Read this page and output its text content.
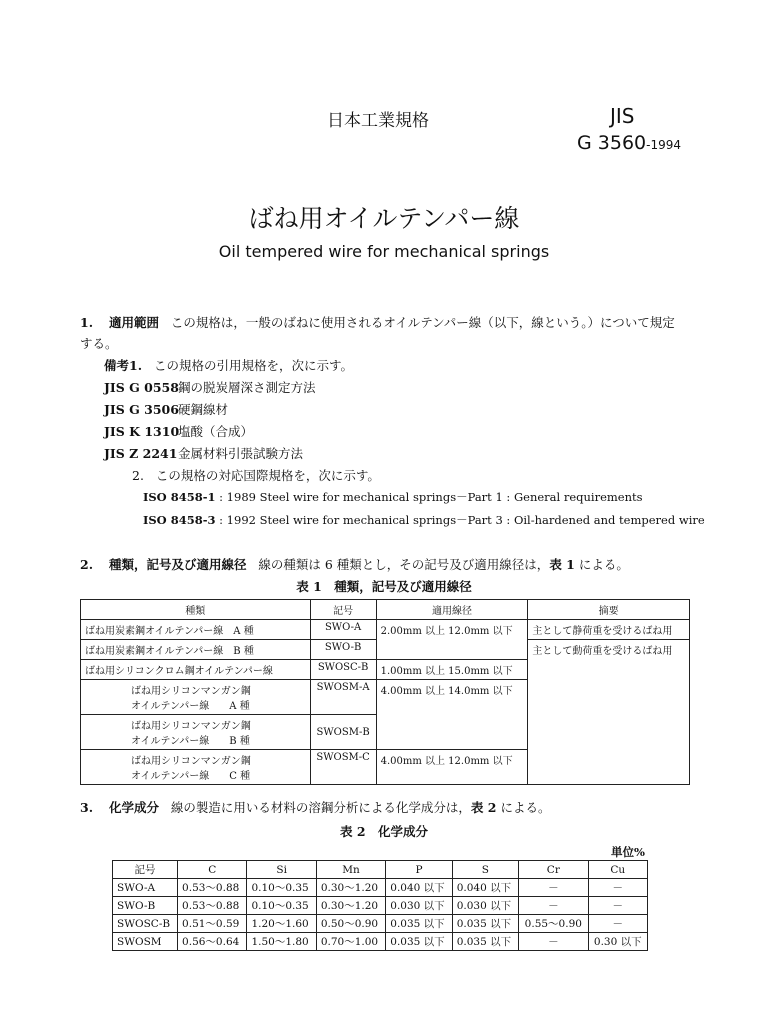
日本工業規格	JIS
G 3560-1994
ばね用オイルテンパー線
Oil tempered wire for mechanical springs
1. 適用範囲 この規格は，一般のばねに使用されるオイルテンパー線（以下，線という。）について規定
する。
備考1. この規格の引用規格を，次に示す。
JIS G 0558鋼の脱炭層深さ測定方法
JIS G 3506硬鋼線材
JIS K 1310塩酸（合成）
JIS Z 2241金属材料引張試験方法
2. この規格の対応国際規格を，次に示す。
ISO 8458-1 : 1989 Steel wire for mechanical springs－Part 1 : General requirements
ISO 8458-3 : 1992 Steel wire for mechanical springs－Part 3 : Oil-hardened and tempered wire
2. 種類，記号及び適用線径 線の種類は 6 種類とし，その記号及び適用線径は，表 1 による。
表 1　種類，記号及び適用線径
種類	記号	適用線径	摘要
ばね用炭素鋼オイルテンパー線　A 種	SWO-A	2.00mm 以上 12.0mm 以下	主として静荷重を受けるばね用
ばね用炭素鋼オイルテンパー線　B 種	SWO-B		主として動荷重を受けるばね用
ばね用シリコンクロム鋼オイルテンパー線	SWOSC-B	1.00mm 以上 15.0mm 以下	

ばね用シリコンマンガン鋼
オイルテンパー線　　A 種	SWOSM-A	4.00mm 以上 14.0mm 以下	

ばね用シリコンマンガン鋼
オイルテンパー線　　B 種	SWOSM-B		

ばね用シリコンマンガン鋼
オイルテンパー線　　C 種	SWOSM-C	4.00mm 以上 12.0mm 以下	
3. 化学成分 線の製造に用いる材料の溶鋼分析による化学成分は，表 2 による。
表 2　化学成分
単位%
記号	C	Si	Mn	P	S	Cr	Cu
SWO-A	0.53～0.88	0.10～0.35	0.30～1.20	0.040 以下	0.040 以下	－	－
SWO-B	0.53～0.88	0.10～0.35	0.30～1.20	0.030 以下	0.030 以下	－	－
SWOSC-B	0.51～0.59	1.20～1.60	0.50～0.90	0.035 以下	0.035 以下	0.55～0.90	－
SWOSM	0.56～0.64	1.50～1.80	0.70～1.00	0.035 以下	0.035 以下	－	0.30 以下
